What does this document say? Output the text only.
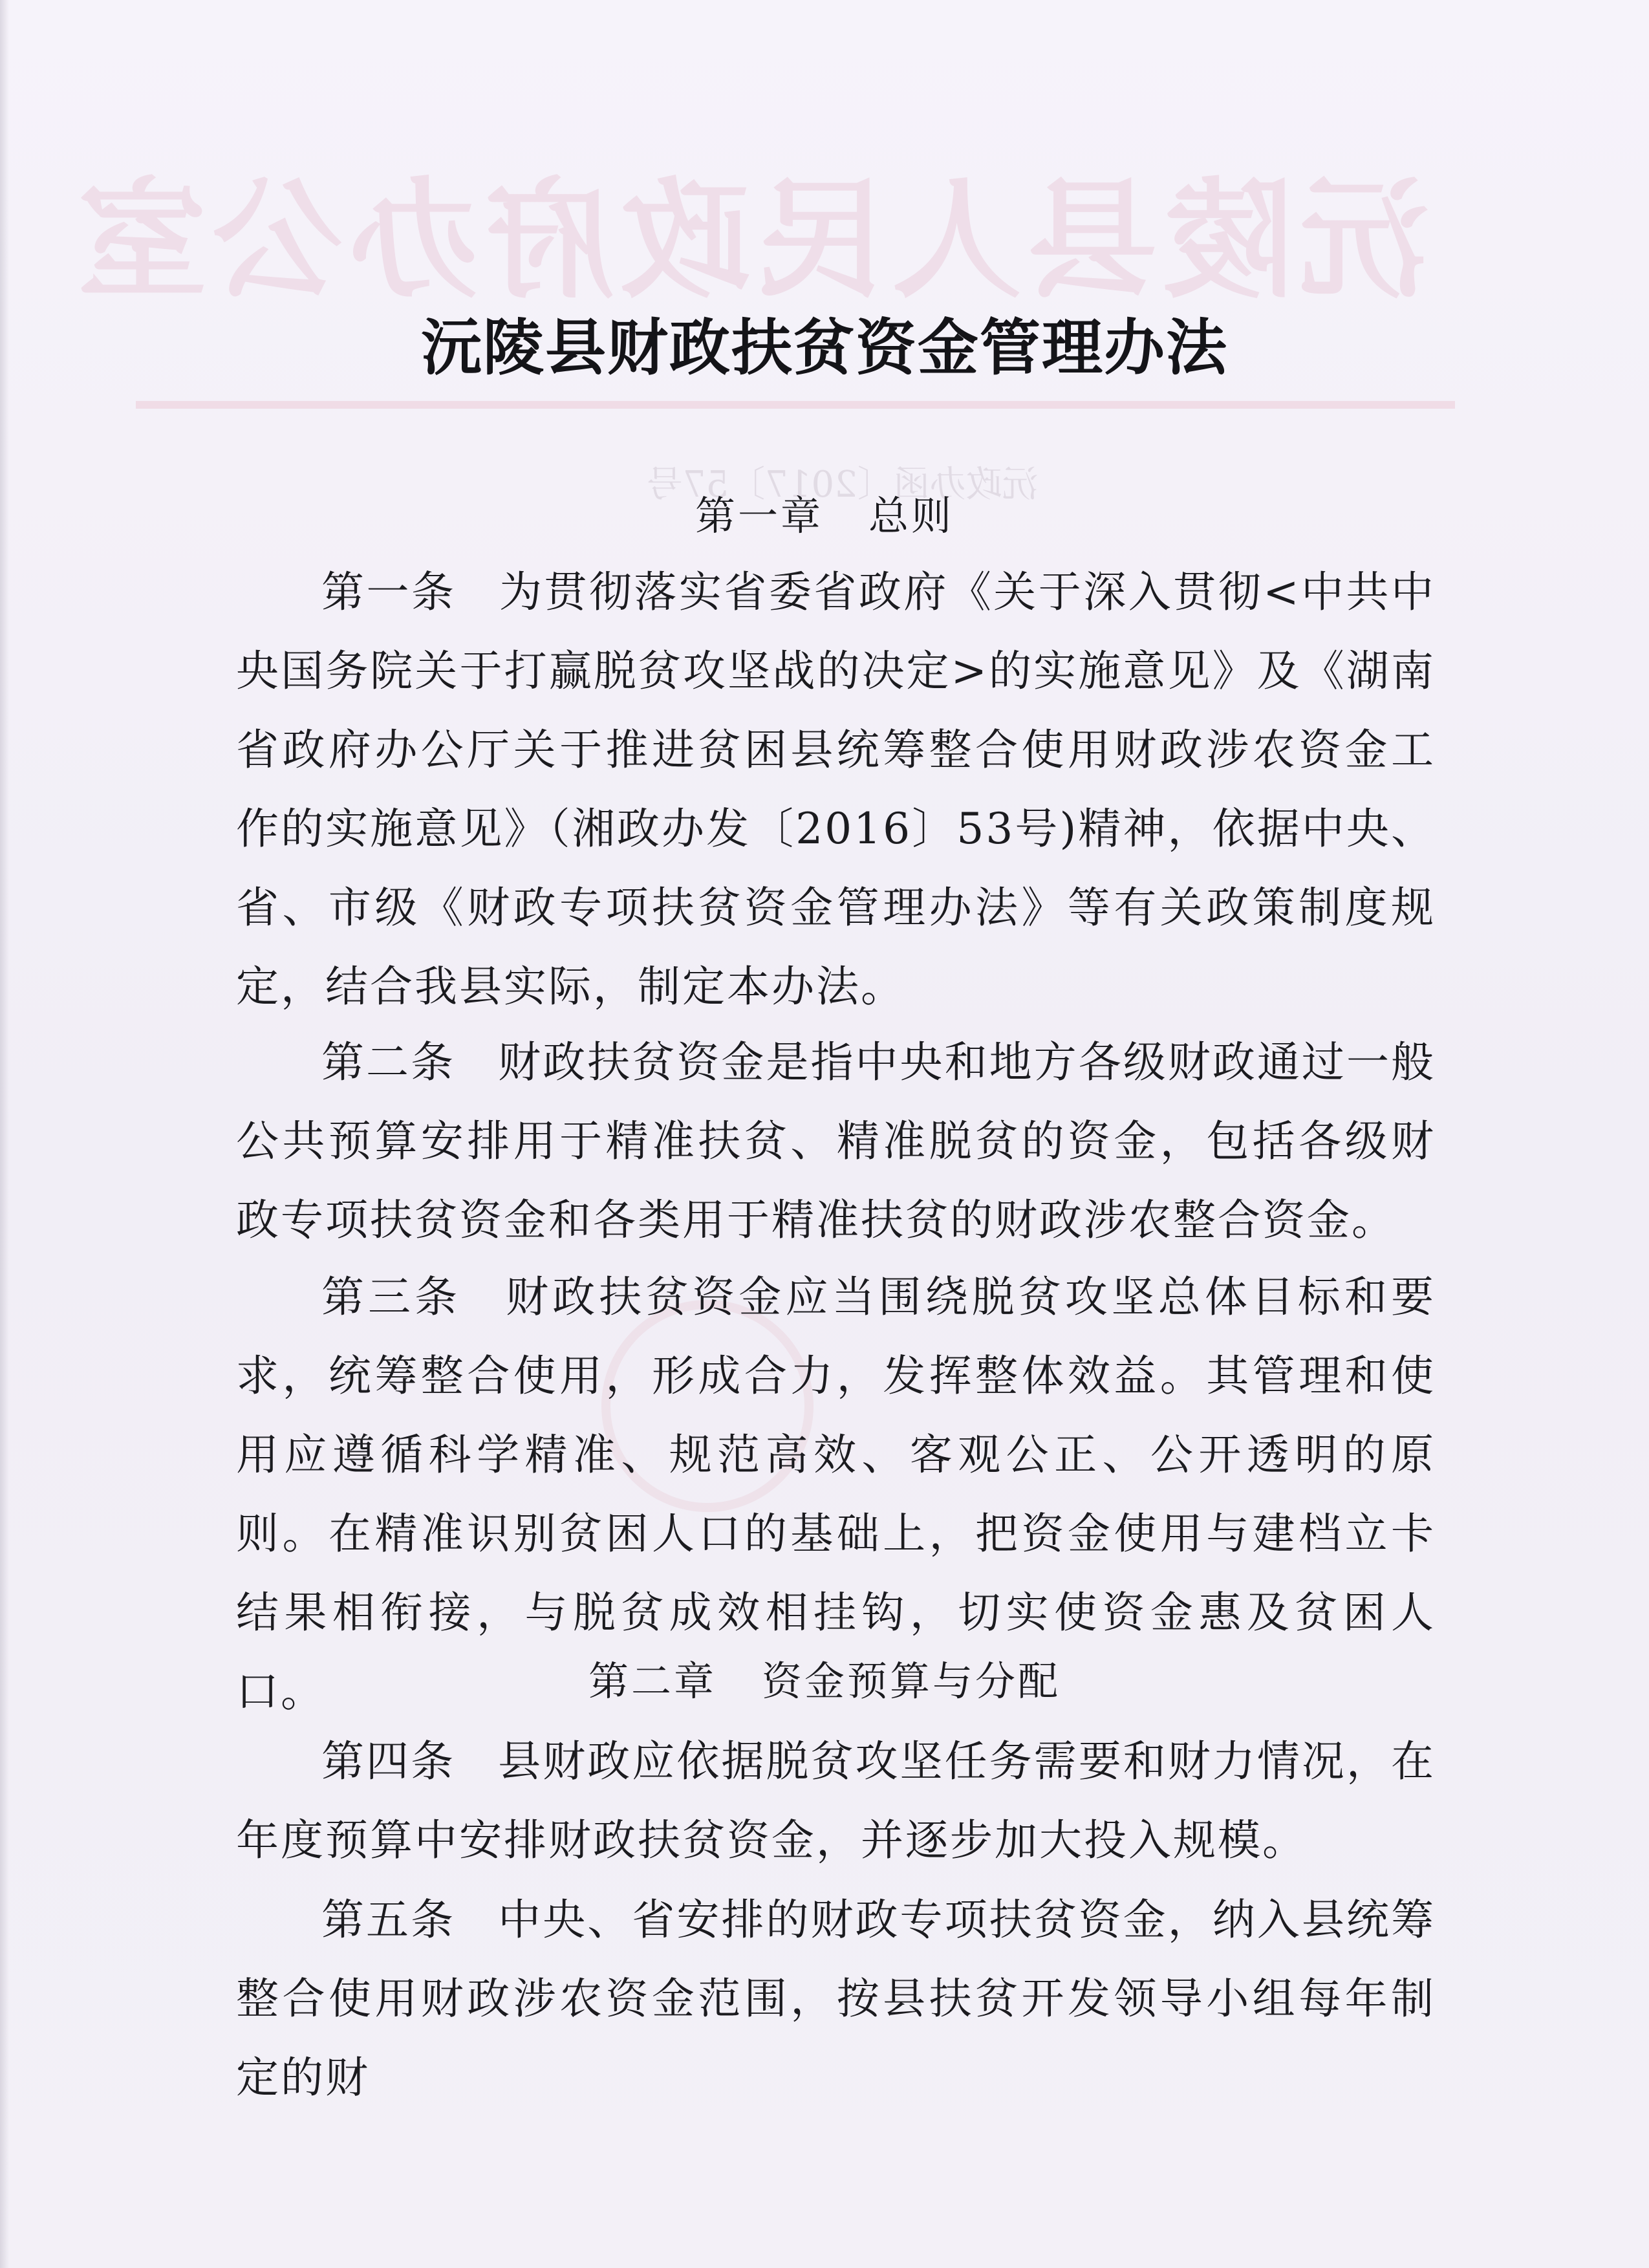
沅陵县人民政府办公室
沅政办函〔2017〕57号
沅陵县财政扶贫资金管理办法
第一章 总则
第一条 为贯彻落实省委省政府《关于深入贯彻<中共中央国务院关于打赢脱贫攻坚战的决定>的实施意见》及《湖南省政府办公厅关于推进贫困县统筹整合使用财政涉农资金工作的实施意见》（湘政办发〔2016〕53号)精神，依据中央、省、市级《财政专项扶贫资金管理办法》等有关政策制度规定，结合我县实际，制定本办法。
第二条 财政扶贫资金是指中央和地方各级财政通过一般公共预算安排用于精准扶贫、精准脱贫的资金，包括各级财政专项扶贫资金和各类用于精准扶贫的财政涉农整合资金。
第三条 财政扶贫资金应当围绕脱贫攻坚总体目标和要求，统筹整合使用，形成合力，发挥整体效益。其管理和使用应遵循科学精准、规范高效、客观公正、公开透明的原则。在精准识别贫困人口的基础上，把资金使用与建档立卡结果相衔接，与脱贫成效相挂钩，切实使资金惠及贫困人口。	第二章 资金预算与分配
第四条 县财政应依据脱贫攻坚任务需要和财力情况，在年度预算中安排财政扶贫资金，并逐步加大投入规模。
第五条 中央、省安排的财政专项扶贫资金，纳入县统筹整合使用财政涉农资金范围，按县扶贫开发领导小组每年制定的财
